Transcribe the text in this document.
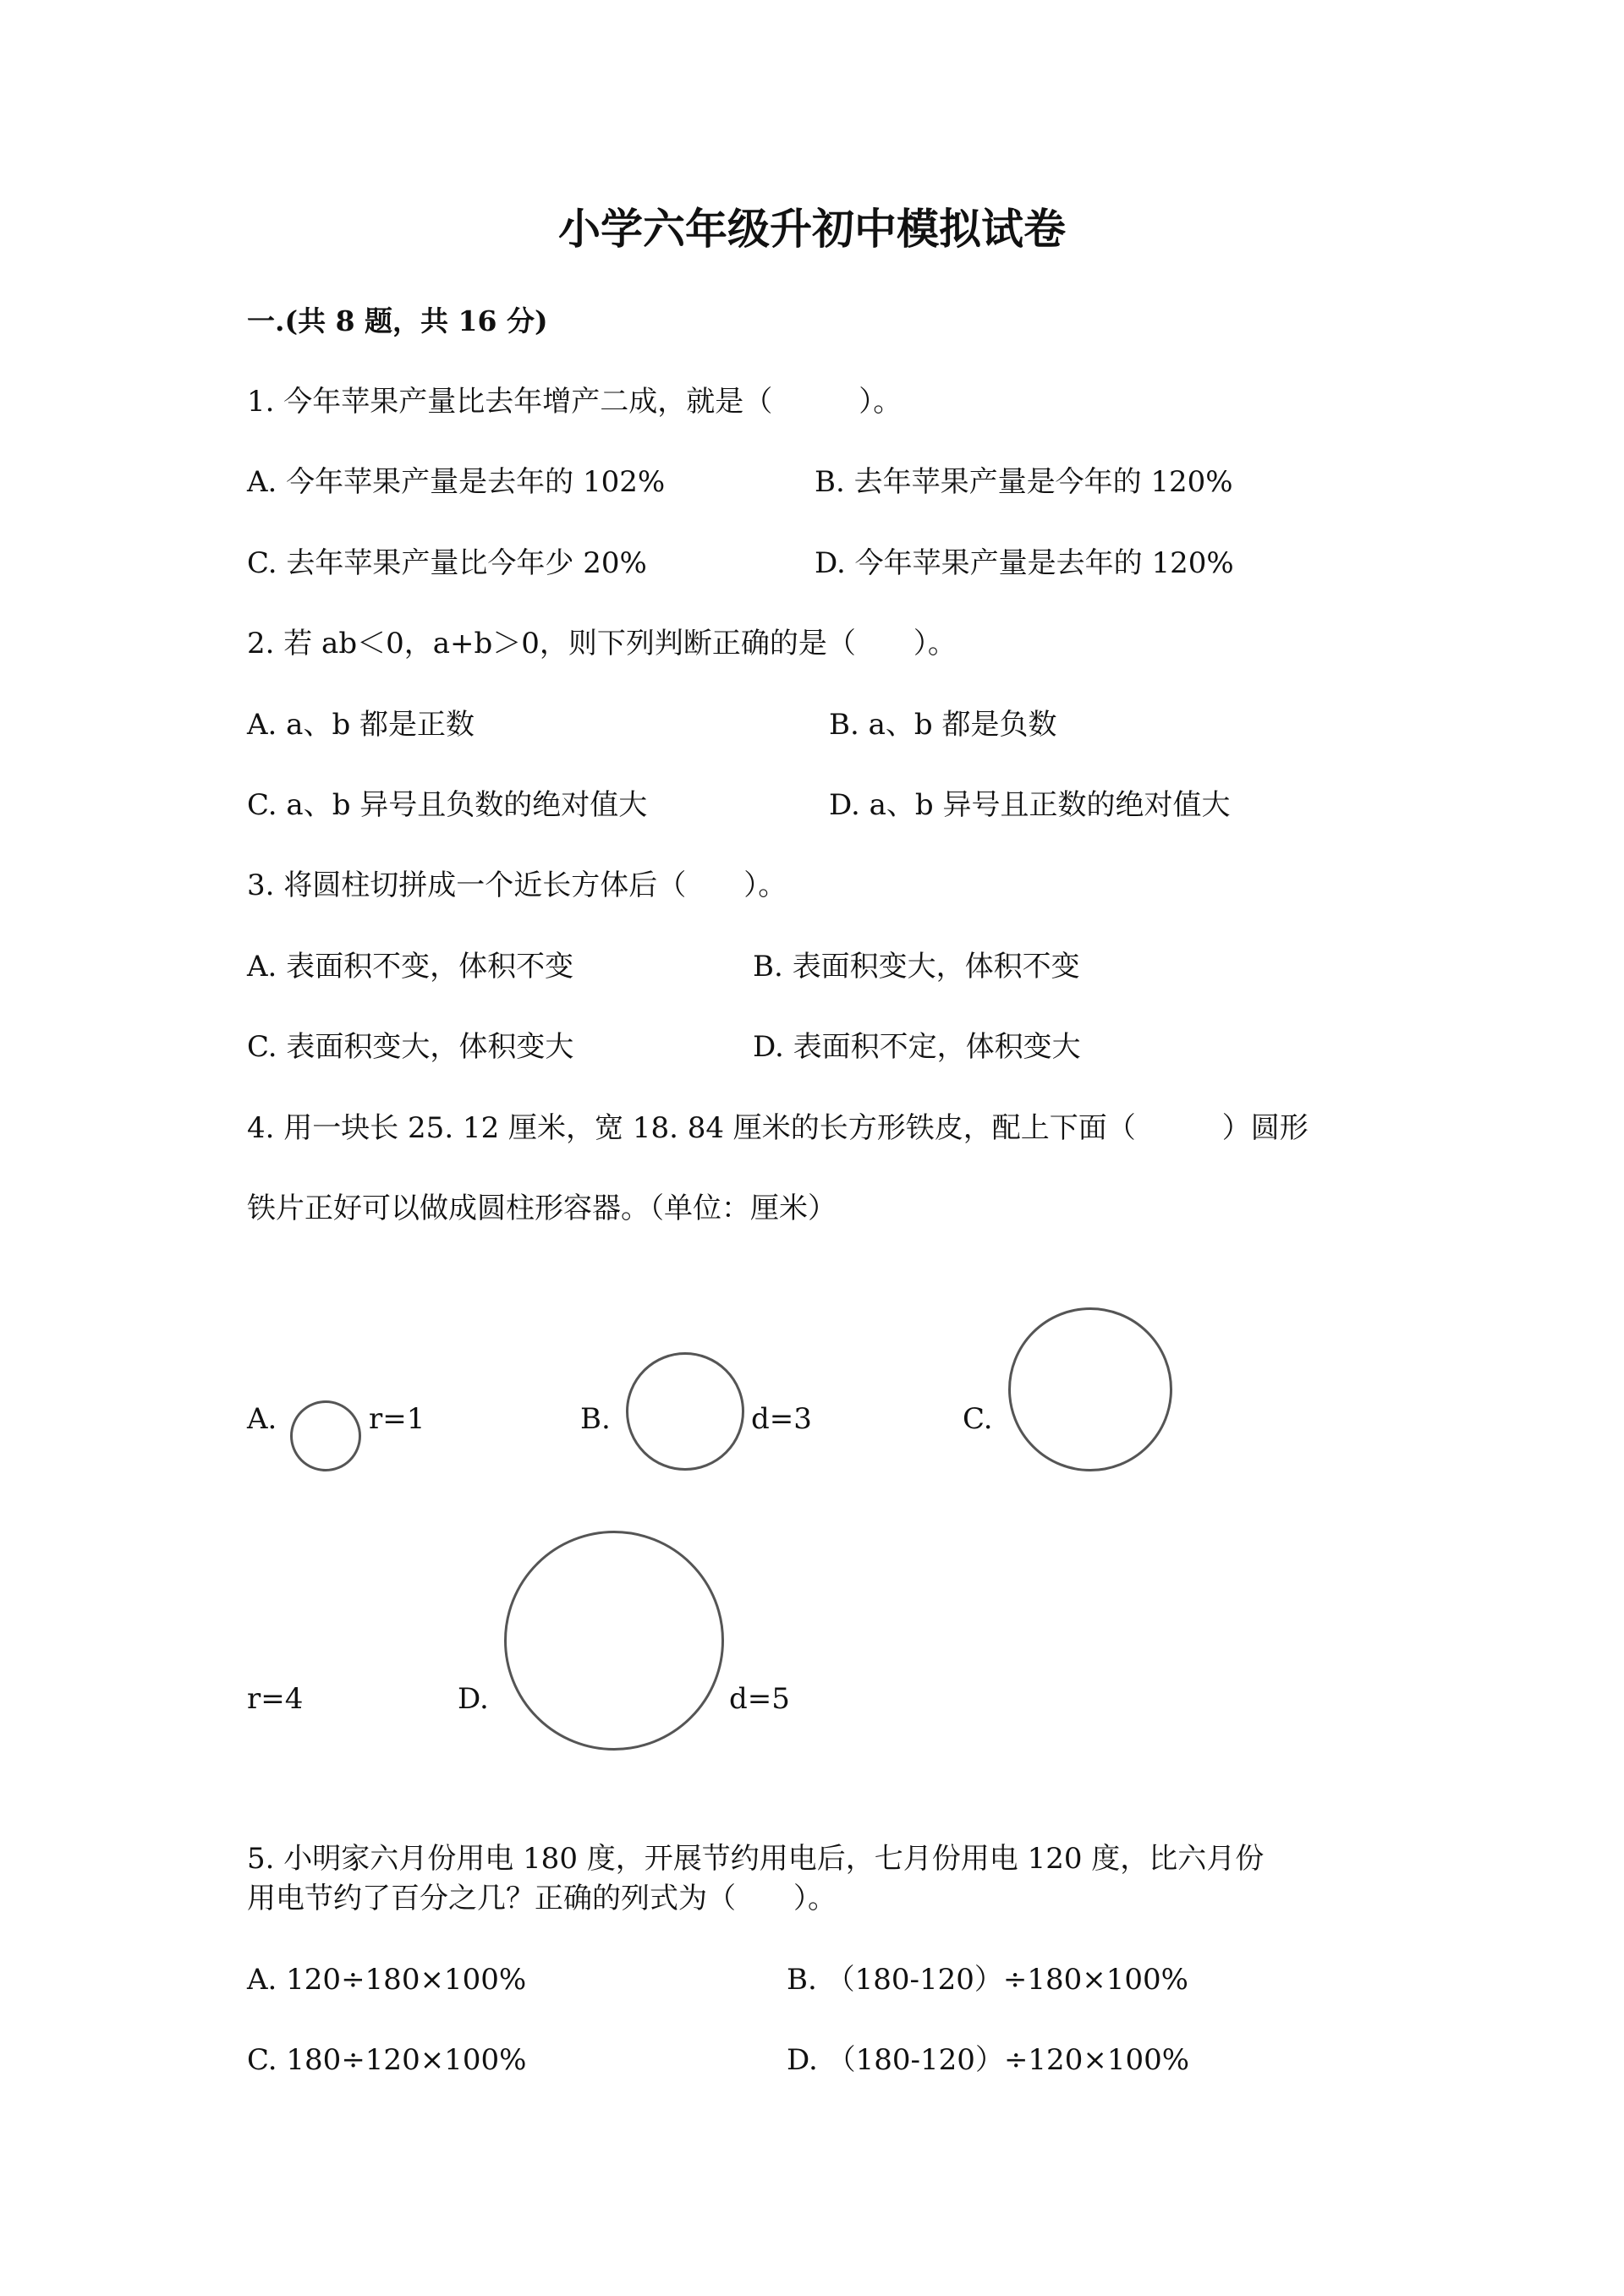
小学六年级升初中模拟试卷
一.(共 8 题，共 16 分)
1. 今年苹果产量比去年增产二成，就是（　　　）。
A. 今年苹果产量是去年的 102%	B. 去年苹果产量是今年的 120%
C. 去年苹果产量比今年少 20%	D. 今年苹果产量是去年的 120%
2. 若 ab＜0，a+b＞0，则下列判断正确的是（　　）。
A. a、b 都是正数	B. a、b 都是负数
C. a、b 异号且负数的绝对值大	D. a、b 异号且正数的绝对值大
3. 将圆柱切拼成一个近长方体后（　　）。
A. 表面积不变，体积不变	B. 表面积变大，体积不变
C. 表面积变大，体积变大	D. 表面积不定，体积变大
4. 用一块长 25. 12 厘米，宽 18. 84 厘米的长方形铁皮，配上下面（　　　）圆形
铁片正好可以做成圆柱形容器。（单位：厘米）
A.	r=1	B.	d=3	C.
r=4	D.	d=5
5. 小明家六月份用电 180 度，开展节约用电后，七月份用电 120 度，比六月份
用电节约了百分之几？正确的列式为（　　）。
A. 120÷180×100%	B. （180-120）÷180×100%
C. 180÷120×100%	D. （180-120）÷120×100%
